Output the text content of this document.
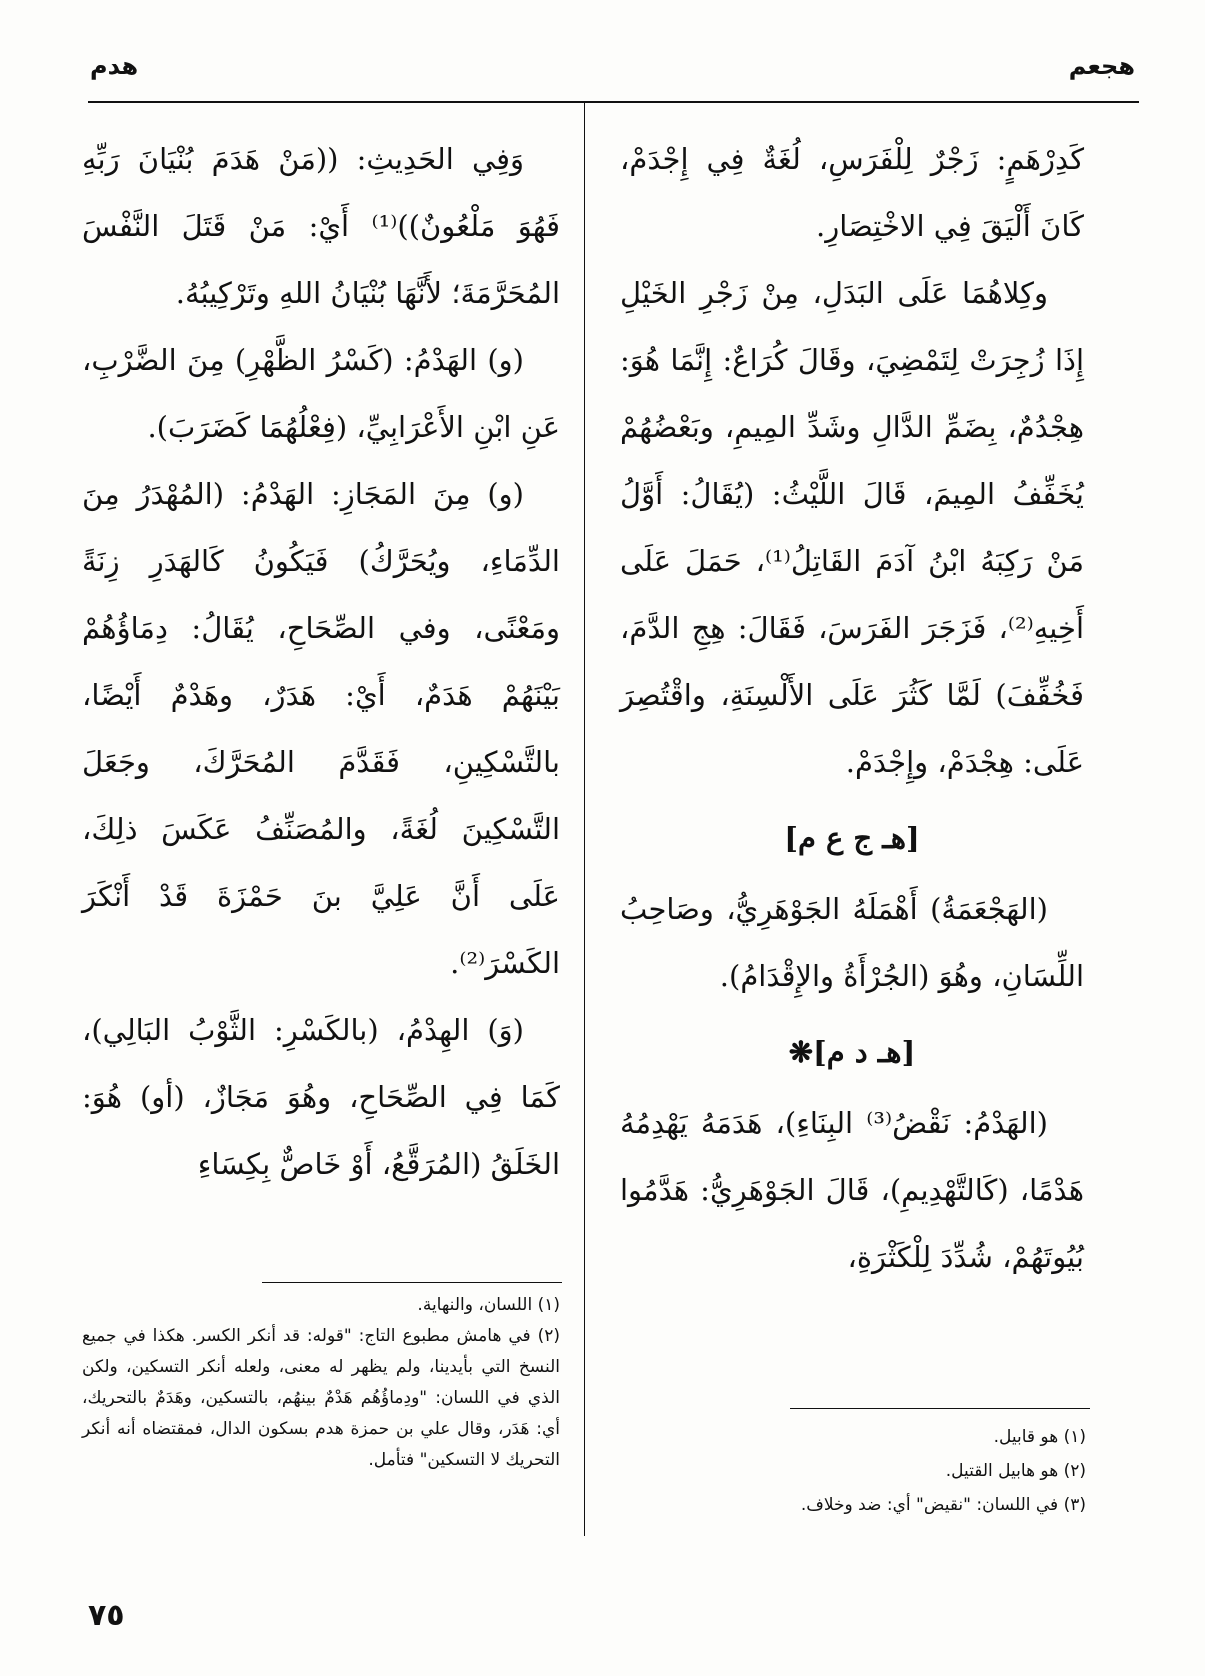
هجعم
هدم

كَدِرْهَمٍ: زَجْرٌ لِلْفَرَسِ، لُغَةٌ فِي إِجْدَمْ، كَانَ أَلْيَقَ فِي الاخْتِصَارِ.

وكِلاهُمَا عَلَى البَدَلِ، مِنْ زَجْرِ الخَيْلِ إِذَا زُجِرَتْ لِتَمْضِيَ، وقَالَ كُرَاعٌ: إِنَّمَا هُوَ: هِجْدُمٌ، بِضَمِّ الدَّالِ وشَدِّ المِيمِ، وبَعْضُهُمْ يُخَفِّفُ المِيمَ، قَالَ اللَّيْثُ: (يُقَالُ: أَوَّلُ مَنْ رَكِبَهُ ابْنُ آدَمَ القَاتِلُ⁽¹⁾، حَمَلَ عَلَى أَخِيهِ⁽²⁾، فَزَجَرَ الفَرَسَ، فَقَالَ: هِجِ الدَّمَ، فَخُفِّفَ) لَمَّا كَثُرَ عَلَى الأَلْسِنَةِ، واقْتُصِرَ عَلَى: هِجْدَمْ، وإِجْدَمْ.

[هـ ج ع م]

(الهَجْعَمَةُ) أَهْمَلَهُ الجَوْهَرِيُّ، وصَاحِبُ اللِّسَانِ، وهُوَ (الجُرْأَةُ والإِقْدَامُ).

[هـ د م]❋

(الهَدْمُ: نَقْضُ⁽³⁾ البِنَاءِ)، هَدَمَهُ يَهْدِمُهُ هَدْمًا، (كَالتَّهْدِيمِ)، قَالَ الجَوْهَرِيُّ: هَدَّمُوا بُيُوتَهُمْ، شُدِّدَ لِلْكَثْرَةِ،

وَفِي الحَدِيثِ: ((مَنْ هَدَمَ بُنْيَانَ رَبِّهِ فَهُوَ مَلْعُونٌ))⁽¹⁾ أَيْ: مَنْ قَتَلَ النَّفْسَ المُحَرَّمَةَ؛ لأَنَّهَا بُنْيَانُ اللهِ وتَرْكِيبُهُ.

(و) الهَدْمُ: (كَسْرُ الظَّهْرِ) مِنَ الضَّرْبِ، عَنِ ابْنِ الأَعْرَابِيِّ، (فِعْلُهُمَا كَضَرَبَ).

(و) مِنَ المَجَازِ: الهَدْمُ: (المُهْدَرُ مِنَ الدِّمَاءِ، ويُحَرَّكُ) فَيَكُونُ كَالهَدَرِ زِنَةً ومَعْنًى، وفي الصِّحَاحِ، يُقَالُ: دِمَاؤُهُمْ بَيْنَهُمْ هَدَمٌ، أَيْ: هَدَرٌ، وهَدْمٌ أَيْضًا، بالتَّسْكِينِ، فَقَدَّمَ المُحَرَّكَ، وجَعَلَ التَّسْكِينَ لُغَةً، والمُصَنِّفُ عَكَسَ ذلِكَ، عَلَى أَنَّ عَلِيَّ بنَ حَمْزَةَ قَدْ أَنْكَرَ الكَسْرَ⁽²⁾.

(وَ) الهِدْمُ، (بالكَسْرِ: الثَّوْبُ البَالِي)، كَمَا فِي الصِّحَاحِ، وهُوَ مَجَازٌ، (أو) هُوَ: الخَلَقُ (المُرَقَّعُ، أَوْ خَاصٌّ بِكِسَاءِ

(١) هو قابيل.

(٢) هو هابيل القتيل.

(٣) في اللسان: "نقيض" أي: ضد وخلاف.

(١) اللسان، والنهاية.

(٢) في هامش مطبوع التاج: "قوله: قد أنكر الكسر. هكذا في جميع النسخ التي بأيدينا، ولم يظهر له معنى، ولعله أنكر التسكين، ولكن الذي في اللسان: "ودِماؤُهُم هَدْمٌ بينهُم، بالتسكين، وهَدَمٌ بالتحريك، أي: هَدَر، وقال علي بن حمزة هدم بسكون الدال، فمقتضاه أنه أنكر التحريك لا التسكين" فتأمل.

٧٥
